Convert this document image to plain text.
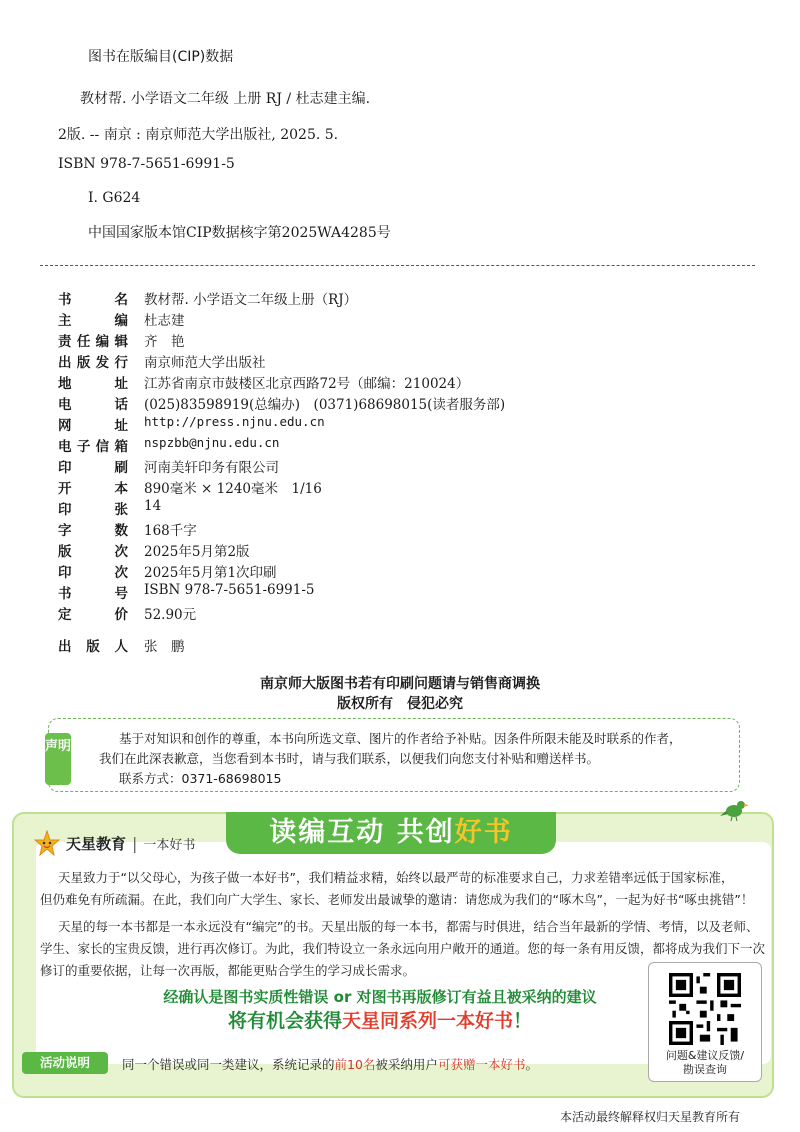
图书在版编目(CIP)数据
教材帮. 小学语文二年级 上册 RJ / 杜志建主编.
2版. -- 南京 : 南京师范大学出版社, 2025. 5.
ISBN 978-7-5651-6991-5
Ⅰ. G624
中国国家版本馆CIP数据核字第2025WA4285号
书	名 教材帮. 小学语文二年级上册（RJ）
主	编 杜志建
责 任 编 辑 齐　艳
出 版 发 行 南京师范大学出版社
地	址 江苏省南京市鼓楼区北京西路72号（邮编：210024）
电	话 (025)83598919(总编办)　(0371)68698015(读者服务部)
网	址 http://press.njnu.edu.cn
电 子 信 箱 nspzbb@njnu.edu.cn
印	刷 河南美轩印务有限公司
开	本 890毫米 × 1240毫米　1/16
印	张 14
字	数 168千字
版	次 2025年5月第2版
印	次 2025年5月第1次印刷
书	号 ISBN 978-7-5651-6991-5
定	价 52.90元
出 版 人 张　鹏
南京师大版图书若有印刷问题请与销售商调换
版权所有　侵犯必究
声明
基于对知识和创作的尊重，本书向所选文章、图片的作者给予补贴。因条件所限未能及时联系的作者，
我们在此深表歉意，当您看到本书时，请与我们联系，以便我们向您支付补贴和赠送样书。
联系方式：0371-68698015
读编互动 共创好书
天星教育 | 一本好书
天星致力于“以父母心，为孩子做一本好书”，我们精益求精，始终以最严苛的标准要求自己，力求差错率远低于国家标准，
但仍难免有所疏漏。在此，我们向广大学生、家长、老师发出最诚挚的邀请：请您成为我们的“啄木鸟”，一起为好书“啄虫挑错”！
天星的每一本书都是一本永远没有“编完”的书。天星出版的每一本书，都需与时俱进，结合当年最新的学情、考情，以及老师、
学生、家长的宝贵反馈，进行再次修订。为此，我们特设立一条永远向用户敞开的通道。您的每一条有用反馈，都将成为我们下一次
修订的重要依据，让每一次再版，都能更贴合学生的学习成长需求。
经确认是图书实质性错误 or 对图书再版修订有益且被采纳的建议
将有机会获得天星同系列一本好书！
问题&建议反馈/
勘误查询
活动说明	同一个错误或同一类建议，系统记录的前10名被采纳用户可获赠一本好书。
本活动最终解释权归天星教育所有
